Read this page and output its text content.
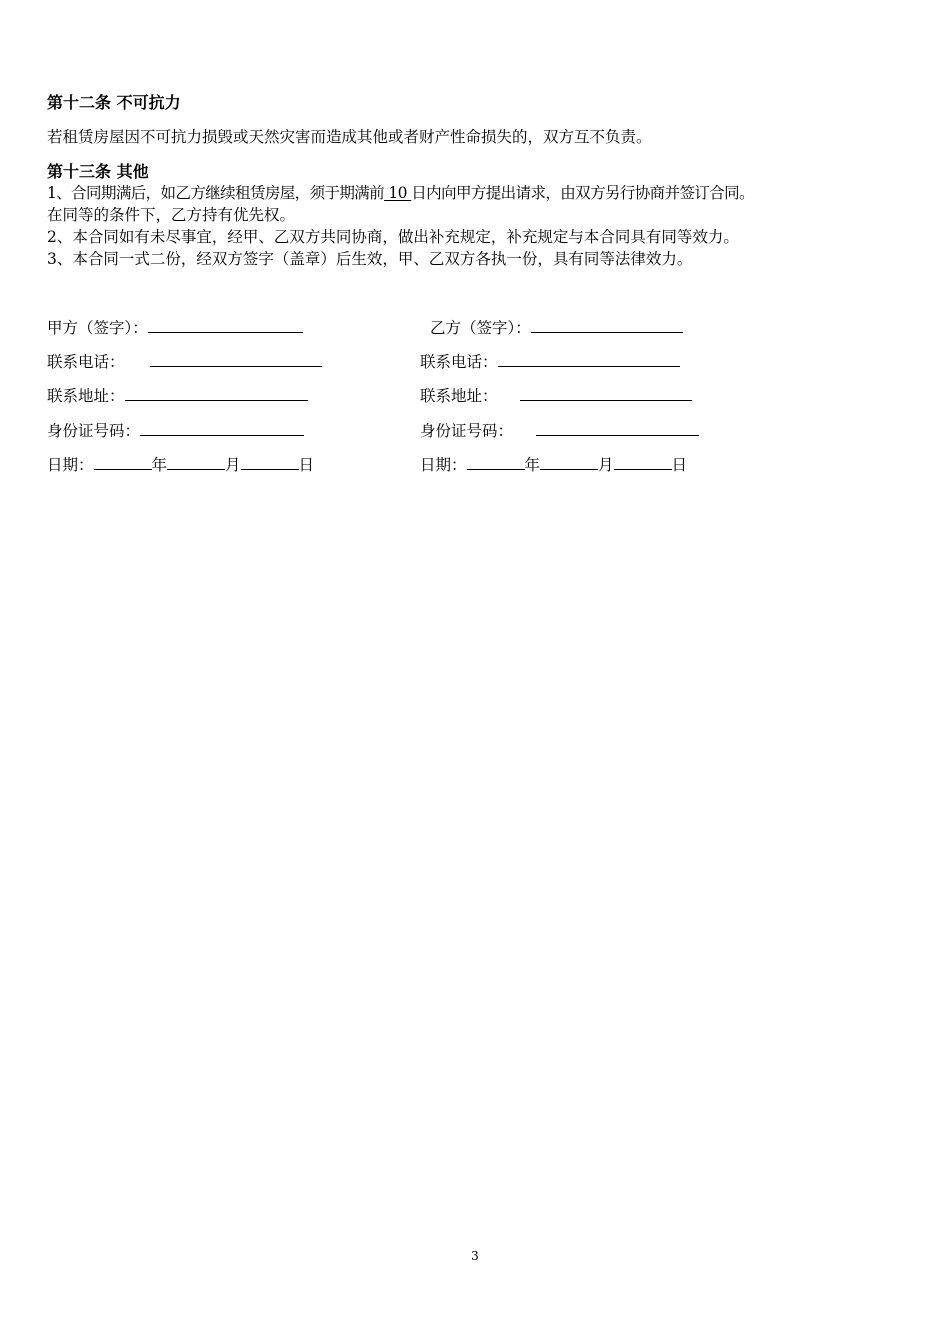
第十二条 不可抗力
若租赁房屋因不可抗力损毁或天然灾害而造成其他或者财产性命损失的，双方互不负责。
第十三条 其他
1、合同期满后，如乙方继续租赁房屋，须于期满前 10 日内向甲方提出请求，由双方另行协商并签订合同。
在同等的条件下，乙方持有优先权。
2、本合同如有未尽事宜，经甲、乙双方共同协商，做出补充规定，补充规定与本合同具有同等效力。
3、本合同一式二份，经双方签字（盖章）后生效，甲、乙双方各执一份，具有同等法律效力。
甲方（签字）：
联系电话：
联系地址：
身份证号码：
日期：	年	月	日
乙方（签字）：
联系电话：
联系地址：
身份证号码：
日期：	年	月	日
3
